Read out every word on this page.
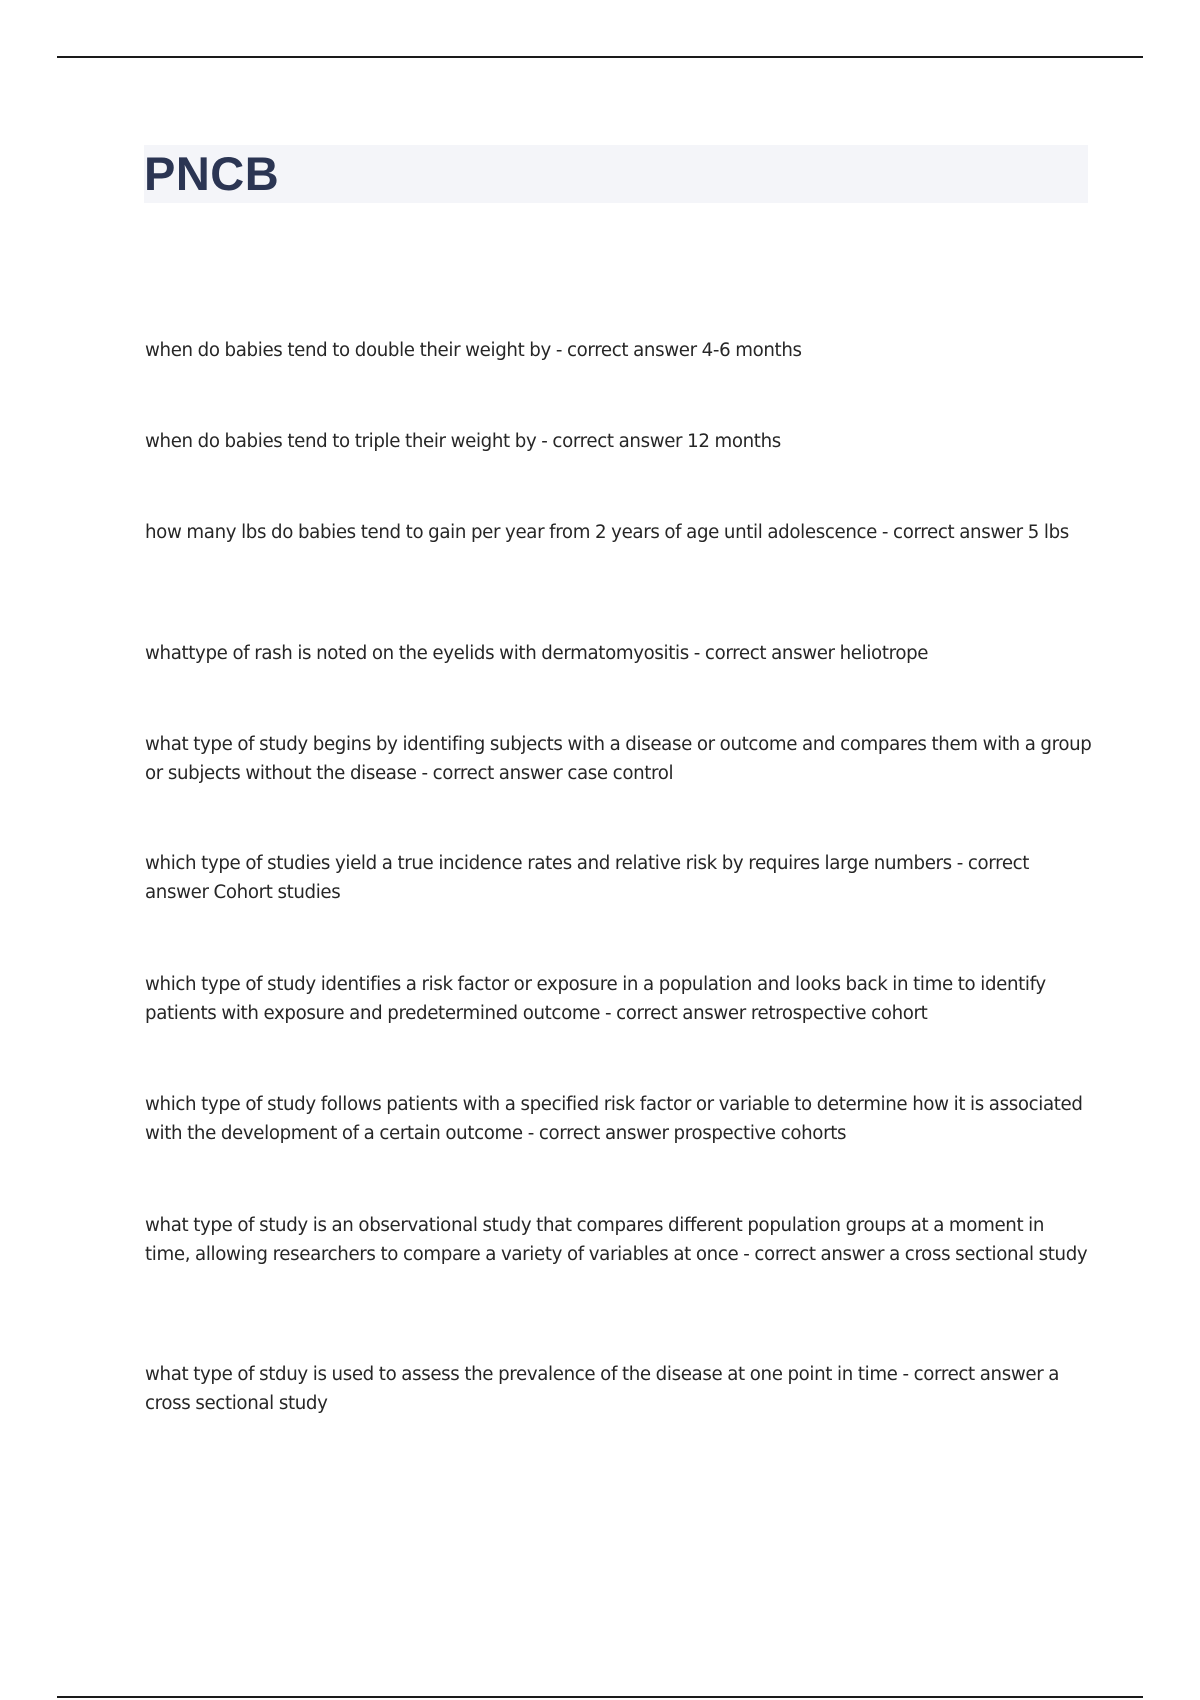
PNCB

when do babies tend to double their weight by - correct answer 4-6 months

when do babies tend to triple their weight by - correct answer 12 months

how many lbs do babies tend to gain per year from 2 years of age until adolescence - correct answer 5 lbs

whattype of rash is noted on the eyelids with dermatomyositis - correct answer heliotrope

what type of study begins by identifing subjects with a disease or outcome and compares them with a group or subjects without the disease - correct answer case control

which type of studies yield a true incidence rates and relative risk by requires large numbers - correct answer Cohort studies

which type of study identifies a risk factor or exposure in a population and looks back in time to identify patients with exposure and predetermined outcome - correct answer retrospective cohort

which type of study follows patients with a specified risk factor or variable to determine how it is associated with the development of a certain outcome - correct answer prospective cohorts

what type of study is an observational study that compares different population groups at a moment in time, allowing researchers to compare a variety of variables at once - correct answer a cross sectional study

what type of stduy is used to assess the prevalence of the disease at one point in time - correct answer a cross sectional study
